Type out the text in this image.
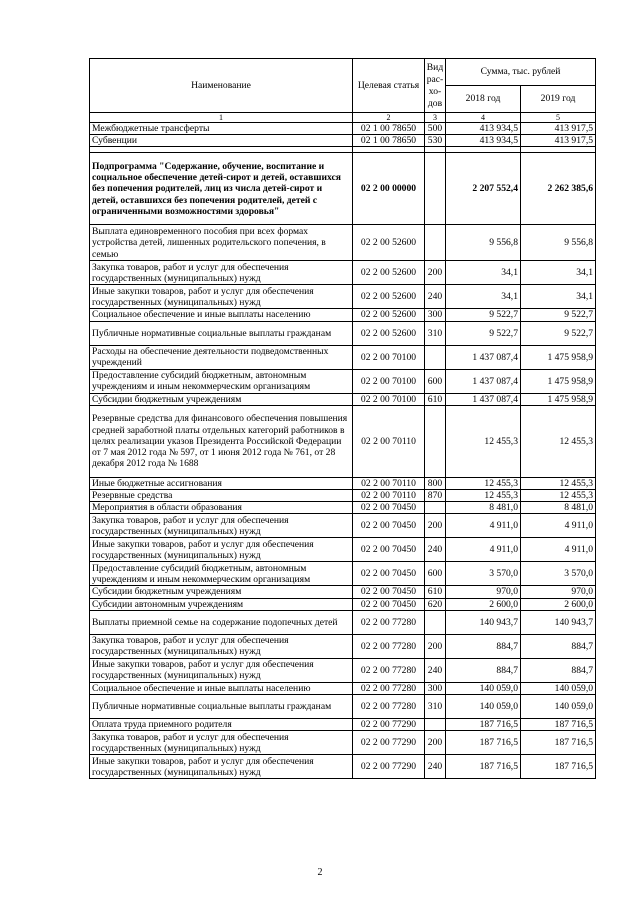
Наименование	Целевая статья	Вид
рас-
хо-
дов	Сумма, тыс. рублей	
			2018 год	2019 год
1	2	3	4	5
Межбюджетные трансферты	02 1 00 78650	500	413 934,5	413 917,5
Субвенции	02 1 00 78650	530	413 934,5	413 917,5

Подпрограмма "Содержание, обучение, воспитание и социальное обеспечение детей-сирот и детей, оставшихся без попечения родителей, лиц из числа детей-сирот и детей, оставшихся без попечения родителей, детей с ограниченными возможностями здоровья"	02 2 00 00000		2 207 552,4	2 262 385,6
Выплата единовременного пособия при всех формах устройства детей, лишенных родительского попечения, в семью	02 2 00 52600		9 556,8	9 556,8
Закупка товаров, работ и услуг для обеспечения государственных (муниципальных) нужд	02 2 00 52600	200	34,1	34,1
Иные закупки товаров, работ и услуг для обеспечения государственных (муниципальных) нужд	02 2 00 52600	240	34,1	34,1
Социальное обеспечение и иные выплаты населению	02 2 00 52600	300	9 522,7	9 522,7
Публичные нормативные социальные выплаты гражданам	02 2 00 52600	310	9 522,7	9 522,7
Расходы на обеспечение деятельности подведомственных учреждений	02 2 00 70100		1 437 087,4	1 475 958,9
Предоставление субсидий бюджетным, автономным учреждениям и иным некоммерческим организациям	02 2 00 70100	600	1 437 087,4	1 475 958,9
Субсидии бюджетным учреждениям	02 2 00 70100	610	1 437 087,4	1 475 958,9
Резервные средства для финансового обеспечения повышения средней заработной платы отдельных категорий работников в целях реализации указов Президента Российской Федерации от 7 мая 2012 года № 597, от 1 июня 2012 года № 761, от 28 декабря 2012 года № 1688	02 2 00 70110		12 455,3	12 455,3
Иные бюджетные ассигнования	02 2 00 70110	800	12 455,3	12 455,3
Резервные средства	02 2 00 70110	870	12 455,3	12 455,3
Мероприятия в области образования	02 2 00 70450		8 481,0	8 481,0
Закупка товаров, работ и услуг для обеспечения государственных (муниципальных) нужд	02 2 00 70450	200	4 911,0	4 911,0
Иные закупки товаров, работ и услуг для обеспечения государственных (муниципальных) нужд	02 2 00 70450	240	4 911,0	4 911,0
Предоставление субсидий бюджетным, автономным учреждениям и иным некоммерческим организациям	02 2 00 70450	600	3 570,0	3 570,0
Субсидии бюджетным учреждениям	02 2 00 70450	610	970,0	970,0
Субсидии автономным учреждениям	02 2 00 70450	620	2 600,0	2 600,0
Выплаты приемной семье на содержание подопечных детей	02 2 00 77280		140 943,7	140 943,7
Закупка товаров, работ и услуг для обеспечения государственных (муниципальных) нужд	02 2 00 77280	200	884,7	884,7
Иные закупки товаров, работ и услуг для обеспечения государственных (муниципальных) нужд	02 2 00 77280	240	884,7	884,7
Социальное обеспечение и иные выплаты населению	02 2 00 77280	300	140 059,0	140 059,0
Публичные нормативные социальные выплаты гражданам	02 2 00 77280	310	140 059,0	140 059,0
Оплата труда приемного родителя	02 2 00 77290		187 716,5	187 716,5
Закупка товаров, работ и услуг для обеспечения государственных (муниципальных) нужд	02 2 00 77290	200	187 716,5	187 716,5
Иные закупки товаров, работ и услуг для обеспечения государственных (муниципальных) нужд	02 2 00 77290	240	187 716,5	187 716,5
2
